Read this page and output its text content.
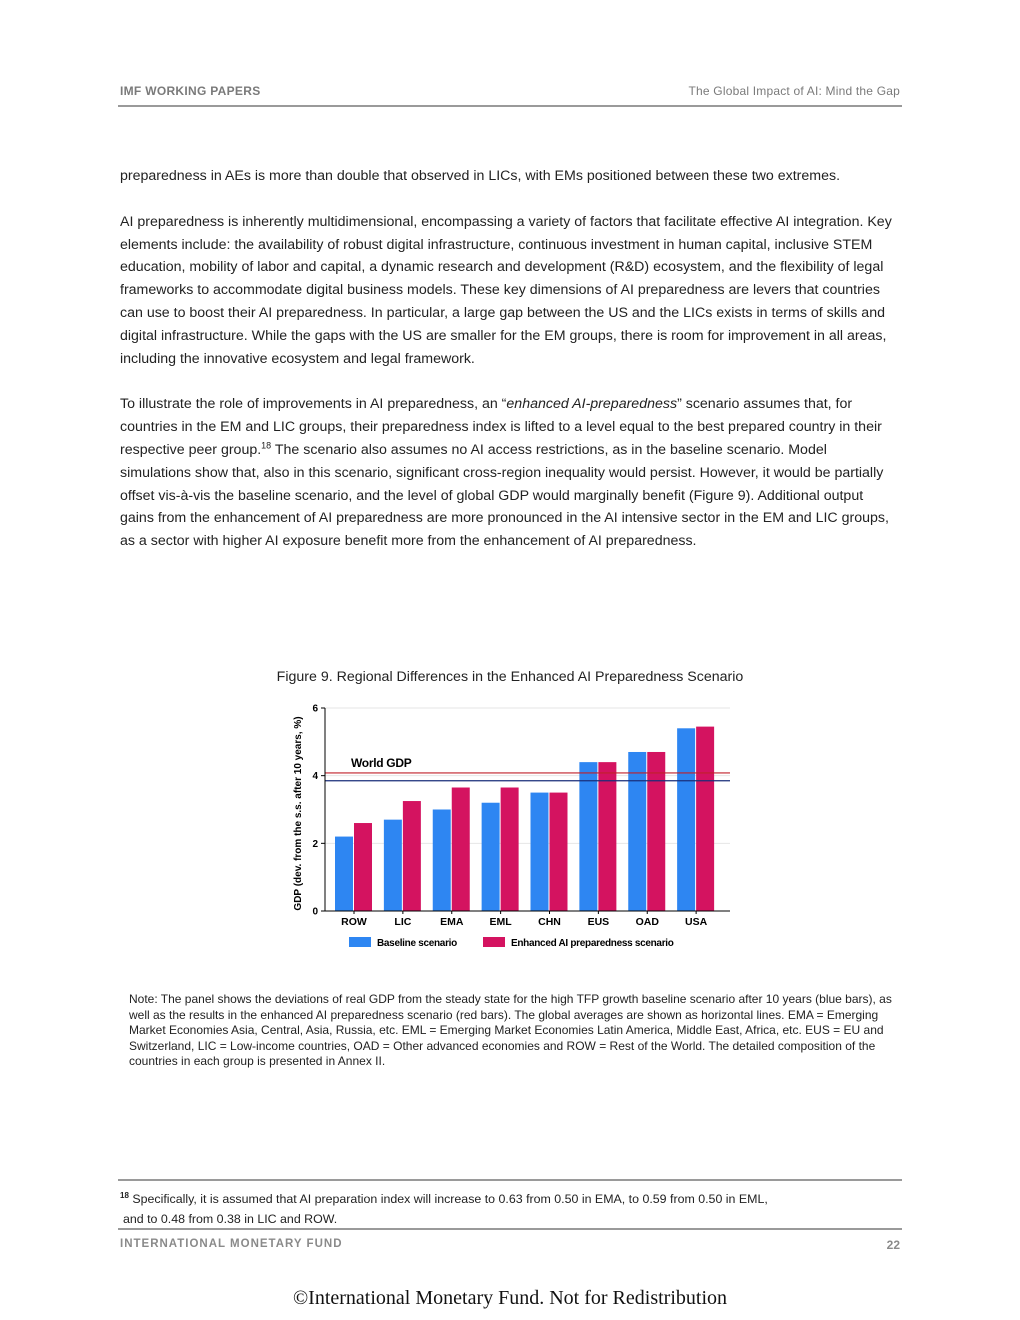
IMF WORKING PAPERS	The Global Impact of AI: Mind the Gap

preparedness in AEs is more than double that observed in LICs, with EMs positioned between these two extremes.

AI preparedness is inherently multidimensional, encompassing a variety of factors that facilitate effective AI integration. Key elements include: the availability of robust digital infrastructure, continuous investment in human capital, inclusive STEM education, mobility of labor and capital, a dynamic research and development (R&D) ecosystem, and the flexibility of legal frameworks to accommodate digital business models. These key dimensions of AI preparedness are levers that countries can use to boost their AI preparedness. In particular, a large gap between the US and the LICs exists in terms of skills and digital infrastructure. While the gaps with the US are smaller for the EM groups, there is room for improvement in all areas, including the innovative ecosystem and legal framework.

To illustrate the role of improvements in AI preparedness, an “enhanced AI-preparedness” scenario assumes that, for countries in the EM and LIC groups, their preparedness index is lifted to a level equal to the best prepared country in their respective peer group.$^{18}$ The scenario also assumes no AI access restrictions, as in the baseline scenario. Model simulations show that, also in this scenario, significant cross-region inequality would persist. However, it would be partially offset vis-à-vis the baseline scenario, and the level of global GDP would marginally benefit (Figure 9). Additional output gains from the enhancement of AI preparedness are more pronounced in the AI intensive sector in the EM and LIC groups, as a sector with higher AI exposure benefit more from the enhancement of AI preparedness.

Figure 9. Regional Differences in the Enhanced AI Preparedness Scenario
0
2
4
6
ROW	LIC	EMA EML	CHN	EUS	OAD USA
World GDP
GDP (dev. from the s.s. after 10 years, %)
Baseline scenario	Enhanced AI preparedness scenario
Note: The panel shows the deviations of real GDP from the steady state for the high TFP growth baseline scenario after 10 years (blue bars), as well as the results in the enhanced AI preparedness scenario (red bars). The global averages are shown as horizontal lines. EMA = Emerging Market Economies Asia, Central, Asia, Russia, etc. EML = Emerging Market Economies Latin America, Middle East, Africa, etc. EUS = EU and Switzerland, LIC = Low-income countries, OAD = Other advanced economies and ROW = Rest of the World. The detailed composition of the countries in each group is presented in Annex II.
$^{18}$ Specifically, it is assumed that AI preparation index will increase to 0.63 from 0.50 in EMA, to 0.59 from 0.50 in EML,
and to 0.48 from 0.38 in LIC and ROW.
INTERNATIONAL MONETARY FUND	22
©International Monetary Fund. Not for Redistribution
